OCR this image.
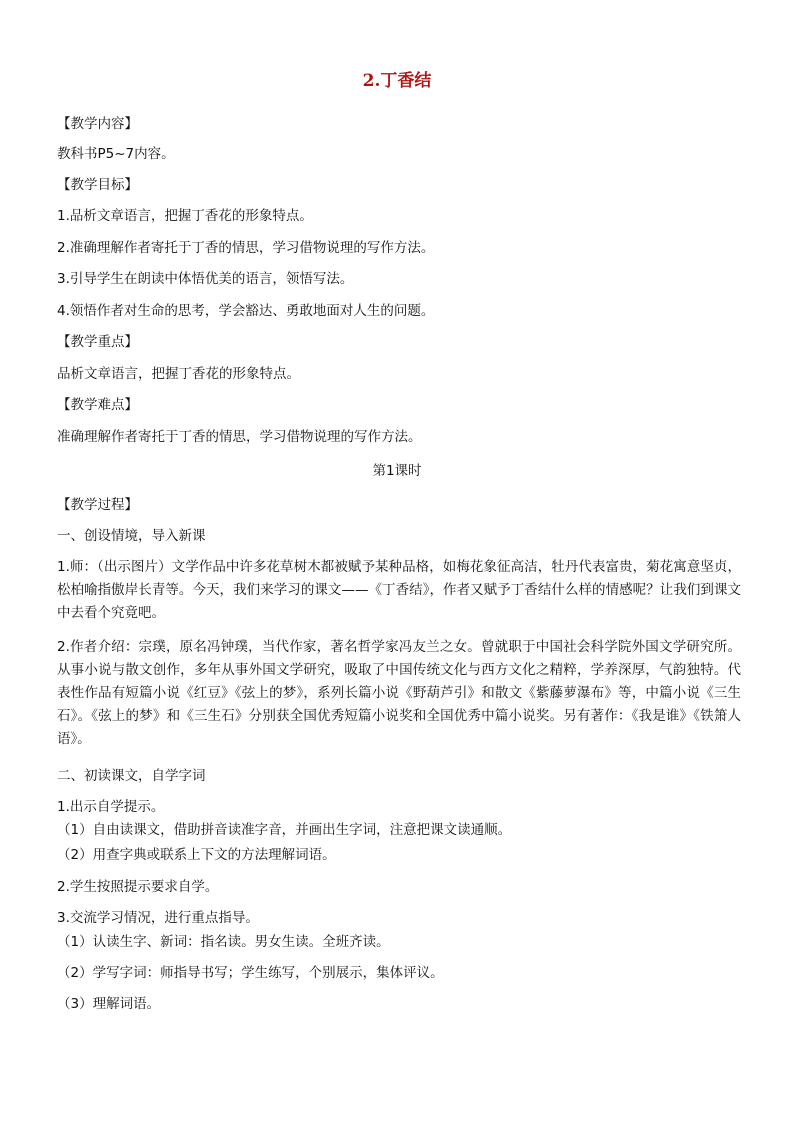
2.丁香结
【教学内容】
教科书P5~7内容。
【教学目标】
1.品析文章语言，把握丁香花的形象特点。
2.准确理解作者寄托于丁香的情思，学习借物说理的写作方法。
3.引导学生在朗读中体悟优美的语言，领悟写法。
4.领悟作者对生命的思考，学会豁达、勇敢地面对人生的问题。
【教学重点】
品析文章语言，把握丁香花的形象特点。
【教学难点】
准确理解作者寄托于丁香的情思，学习借物说理的写作方法。
第1课时
【教学过程】
一、创设情境，导入新课
1.师：（出示图片）文学作品中许多花草树木都被赋予某种品格，如梅花象征高洁，牡丹代表富贵，菊花寓意坚贞，松柏喻指傲岸长青等。今天，我们来学习的课文——《丁香结》，作者又赋予丁香结什么样的情感呢？让我们到课文中去看个究竟吧。
2.作者介绍：宗璞，原名冯钟璞，当代作家，著名哲学家冯友兰之女。曾就职于中国社会科学院外国文学研究所。从事小说与散文创作，多年从事外国文学研究，吸取了中国传统文化与西方文化之精粹，学养深厚，气韵独特。代表性作品有短篇小说《红豆》《弦上的梦》，系列长篇小说《野葫芦引》和散文《紫藤萝瀑布》等，中篇小说《三生石》。《弦上的梦》和《三生石》分别获全国优秀短篇小说奖和全国优秀中篇小说奖。另有著作：《我是谁》《铁箫人语》。
二、初读课文，自学字词
1.出示自学提示。
（1）自由读课文，借助拼音读准字音，并画出生字词，注意把课文读通顺。
（2）用查字典或联系上下文的方法理解词语。
2.学生按照提示要求自学。
3.交流学习情况，进行重点指导。
（1）认读生字、新词：指名读。男女生读。全班齐读。
（2）学写字词：师指导书写；学生练写，个别展示，集体评议。
（3）理解词语。
